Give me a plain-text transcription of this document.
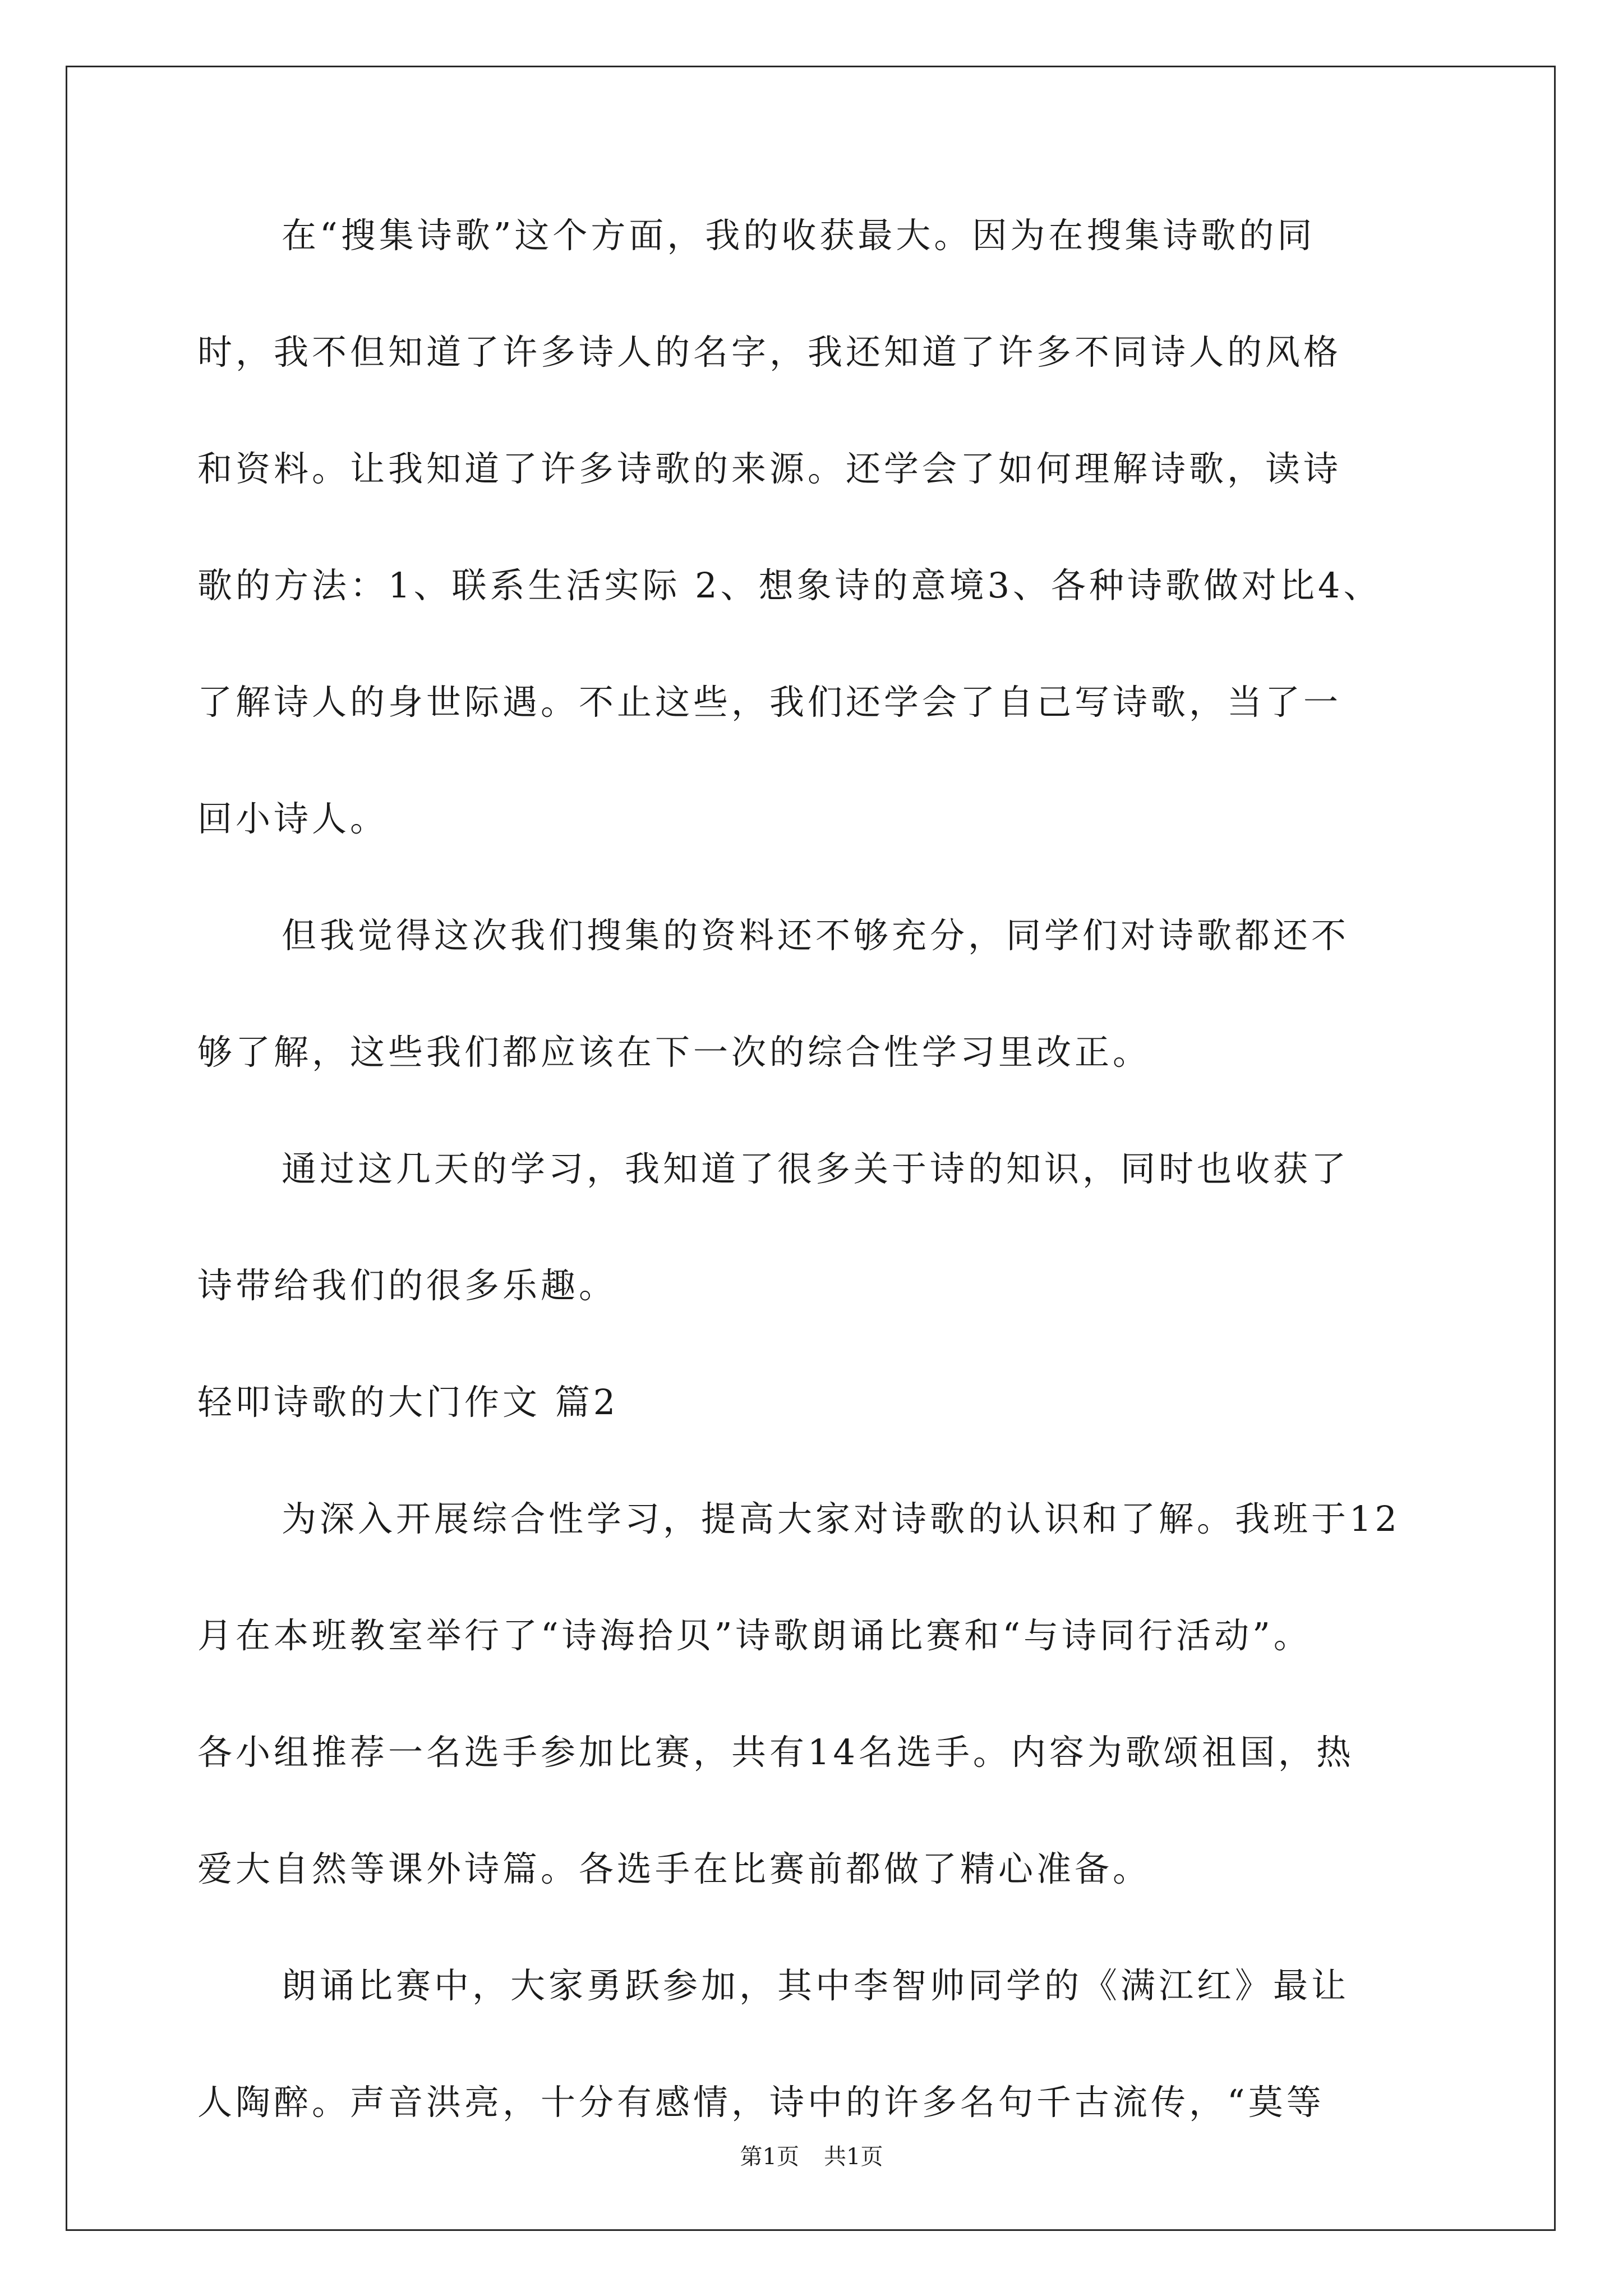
在“搜集诗歌”这个方面，我的收获最大。因为在搜集诗歌的同
时，我不但知道了许多诗人的名字，我还知道了许多不同诗人的风格
和资料。让我知道了许多诗歌的来源。还学会了如何理解诗歌，读诗
歌的方法：1、联系生活实际 2、想象诗的意境3、各种诗歌做对比4、
了解诗人的身世际遇。不止这些，我们还学会了自己写诗歌，当了一
回小诗人。
但我觉得这次我们搜集的资料还不够充分，同学们对诗歌都还不
够了解，这些我们都应该在下一次的综合性学习里改正。
通过这几天的学习，我知道了很多关于诗的知识，同时也收获了
诗带给我们的很多乐趣。
轻叩诗歌的大门作文 篇2
为深入开展综合性学习，提高大家对诗歌的认识和了解。我班于12
月在本班教室举行了“诗海拾贝”诗歌朗诵比赛和“与诗同行活动”。
各小组推荐一名选手参加比赛，共有14名选手。内容为歌颂祖国，热
爱大自然等课外诗篇。各选手在比赛前都做了精心准备。
朗诵比赛中，大家勇跃参加，其中李智帅同学的《满江红》最让
人陶醉。声音洪亮，十分有感情，诗中的许多名句千古流传，“莫等
第1页 共1页
